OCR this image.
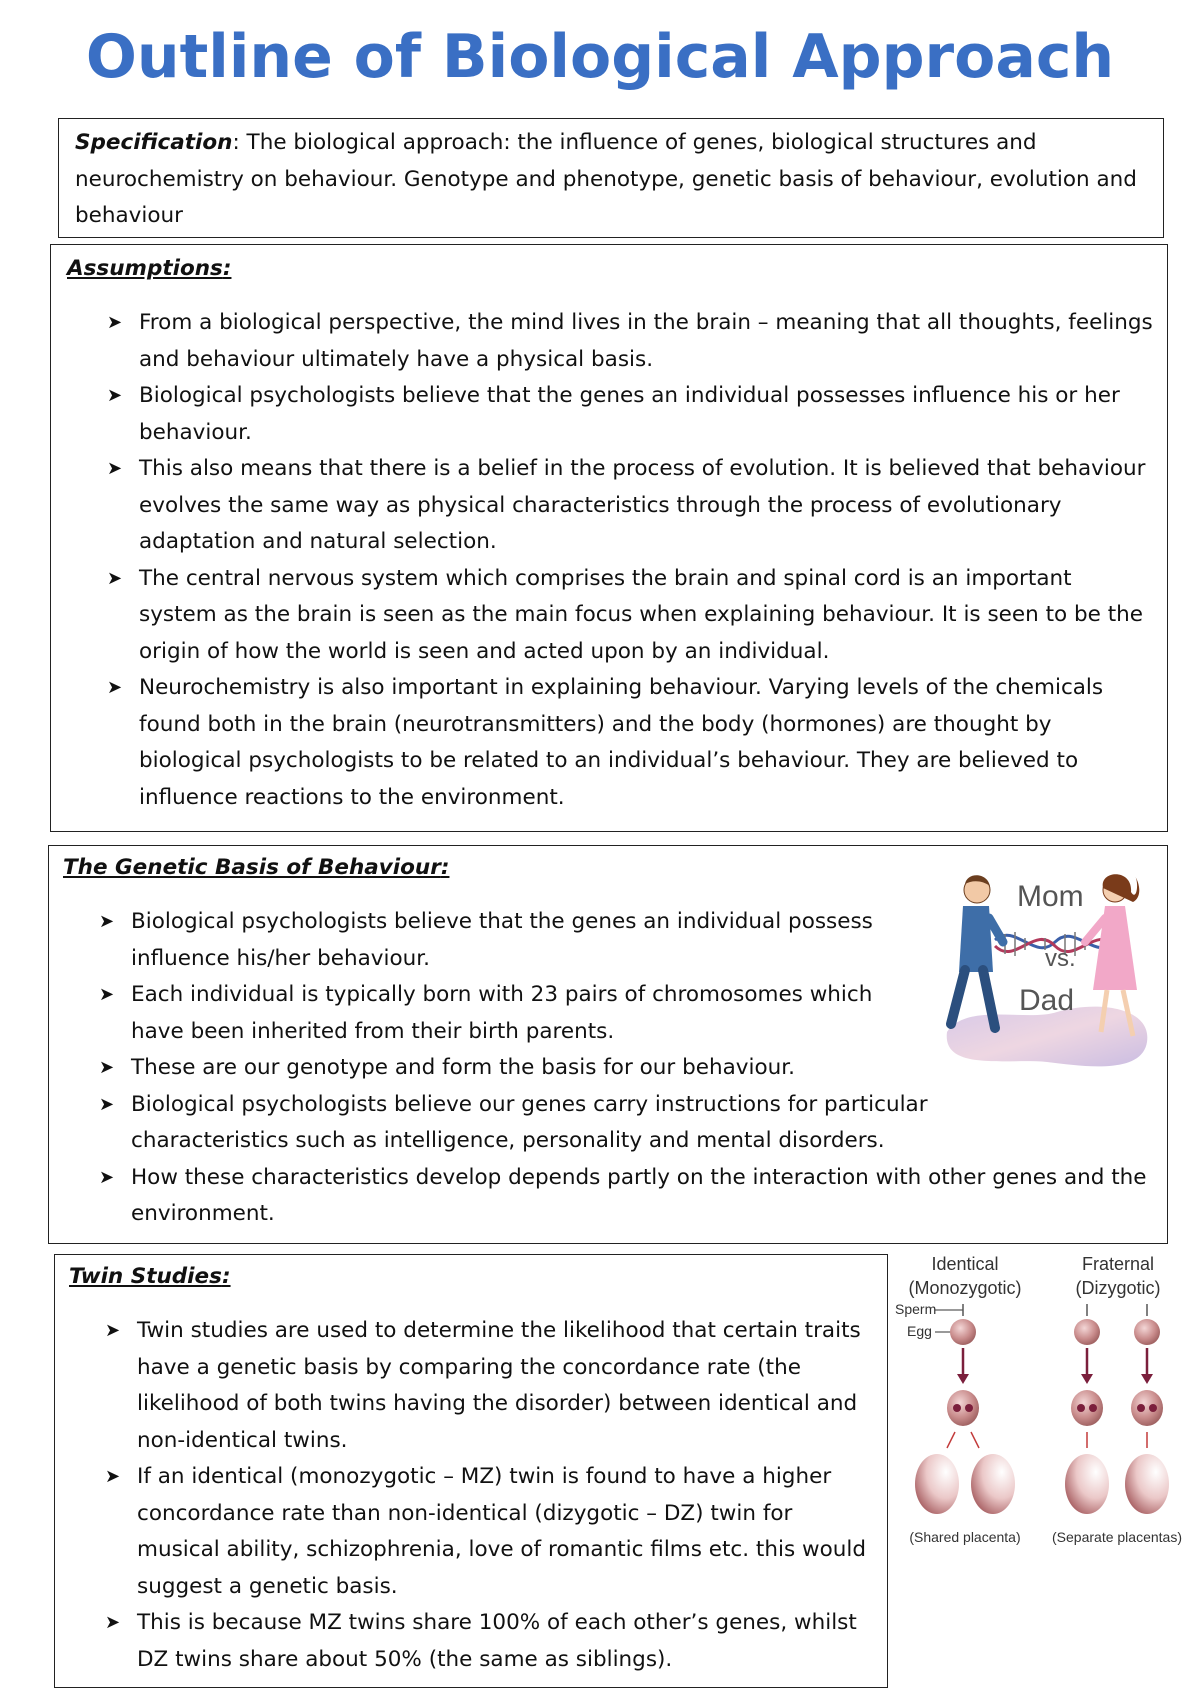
Outline of Biological Approach
Specification: The biological approach: the influence of genes, biological structures and neurochemistry on behaviour. Genotype and phenotype, genetic basis of behaviour, evolution and behaviour
Assumptions:
➤ From a biological perspective, the mind lives in the brain – meaning that all thoughts, feelings and behaviour ultimately have a physical basis.
➤ Biological psychologists believe that the genes an individual possesses influence his or her behaviour.
➤ This also means that there is a belief in the process of evolution. It is believed that behaviour evolves the same way as physical characteristics through the process of evolutionary adaptation and natural selection.
➤ The central nervous system which comprises the brain and spinal cord is an important system as the brain is seen as the main focus when explaining behaviour. It is seen to be the origin of how the world is seen and acted upon by an individual.
➤ Neurochemistry is also important in explaining behaviour. Varying levels of the chemicals found both in the brain (neurotransmitters) and the body (hormones) are thought by biological psychologists to be related to an individual’s behaviour. They are believed to influence reactions to the environment.
The Genetic Basis of Behaviour:
➤ Biological psychologists believe that the genes an individual possess influence his/her behaviour.
➤ Each individual is typically born with 23 pairs of chromosomes which have been inherited from their birth parents.
➤ These are our genotype and form the basis for our behaviour.
➤ Biological psychologists believe our genes carry instructions for particular characteristics such as intelligence, personality and mental disorders.
➤ How these characteristics develop depends partly on the interaction with other genes and the environment.
Mom
vs.
Dad
Twin Studies:
➤ Twin studies are used to determine the likelihood that certain traits have a genetic basis by comparing the concordance rate (the likelihood of both twins having the disorder) between identical and non-identical twins.
➤ If an identical (monozygotic – MZ) twin is found to have a higher concordance rate than non-identical (dizygotic – DZ) twin for musical ability, schizophrenia, love of romantic films etc. this would suggest a genetic basis.
➤ This is because MZ twins share 100% of each other’s genes, whilst DZ twins share about 50% (the same as siblings).
Identical
(Monozygotic)
Fraternal
(Dizygotic)
Sperm
Egg
(Shared placenta) (Separate placentas)
